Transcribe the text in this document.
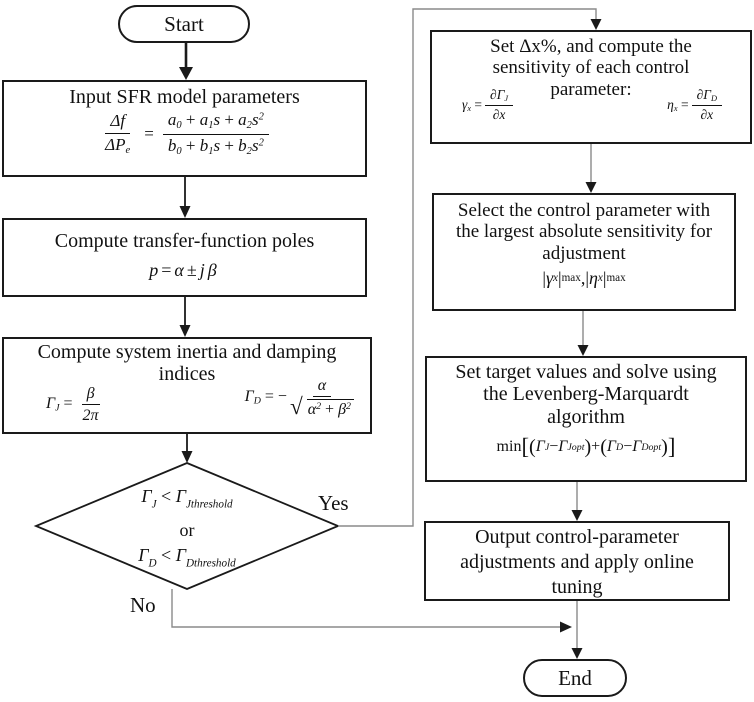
Start
Input SFR model parameters
$\frac{\Delta f}{\text{ΔPe}} = \frac{a0 + a1s + a2s^2}{b0 + b1s + b2s^2}$
Compute transfer-function poles
p = α ± jβ
Compute system inertia and damping
indices
$\Gamma J = \frac{\beta}{2\pi}$	ΓD = − $\frac{\alpha}{√ \alpha^2 + \beta^2}$
$\Gamma_J < \Gamma_{Jthreshold}$
or
$\Gamma_D < \Gamma_{Dthreshold}$
Yes
No
Set Δx%, and compute the
sensitivity of each control
parameter:
$\gamma x = \frac{\partial\Gamma J}{\partial x}$	$\eta x = \frac{\partial\Gamma D}{\partial x}$
Select the control parameter with
the largest absolute sensitivity for
adjustment
| γ x | max , | η x | max
Set target values and solve using
the Levenberg-Marquardt
algorithm
min [ ( Γ J − Γ Jopt ) + ( Γ D − Γ Dopt ) ]
Output control-parameter
adjustments and apply online
tuning
End
